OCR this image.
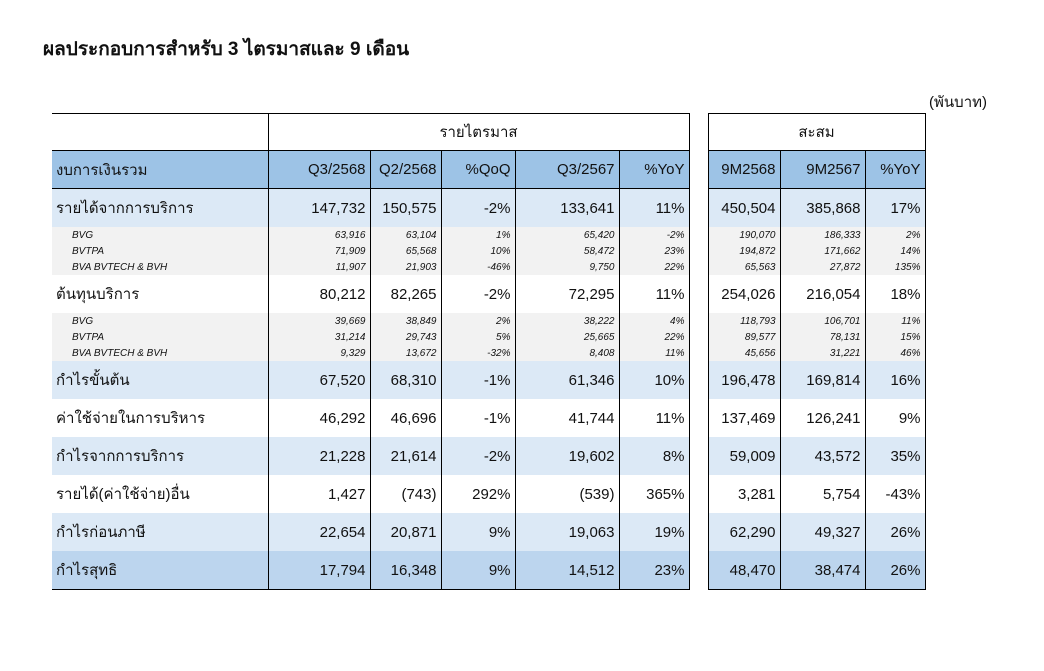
ผลประกอบการสำหรับ 3 ไตรมาสและ 9 เดือน
(พันบาท)
	รายไตรมาส						สะสม		
งบการเงินรวม	Q3/2568	Q2/2568	%QoQ	Q3/2567	%YoY		9M2568	9M2567	%YoY
รายได้จากการบริการ	147,732	150,575	-2%	133,641	11%		450,504	385,868	17%
BVG	63,916	63,104	1%	65,420	-2%		190,070	186,333	2%
BVTPA	71,909	65,568	10%	58,472	23%		194,872	171,662	14%
BVA BVTECH & BVH	11,907	21,903	-46%	9,750	22%		65,563	27,872	135%
ต้นทุนบริการ	80,212	82,265	-2%	72,295	11%		254,026	216,054	18%
BVG	39,669	38,849	2%	38,222	4%		118,793	106,701	11%
BVTPA	31,214	29,743	5%	25,665	22%		89,577	78,131	15%
BVA BVTECH & BVH	9,329	13,672	-32%	8,408	11%		45,656	31,221	46%
กำไรขั้นต้น	67,520	68,310	-1%	61,346	10%		196,478	169,814	16%
ค่าใช้จ่ายในการบริหาร	46,292	46,696	-1%	41,744	11%		137,469	126,241	9%
กำไรจากการบริการ	21,228	21,614	-2%	19,602	8%		59,009	43,572	35%
รายได้(ค่าใช้จ่าย)อื่น	1,427	(743)	292%	(539)	365%		3,281	5,754	-43%
กำไรก่อนภาษี	22,654	20,871	9%	19,063	19%		62,290	49,327	26%
กำไรสุทธิ	17,794	16,348	9%	14,512	23%		48,470	38,474	26%
